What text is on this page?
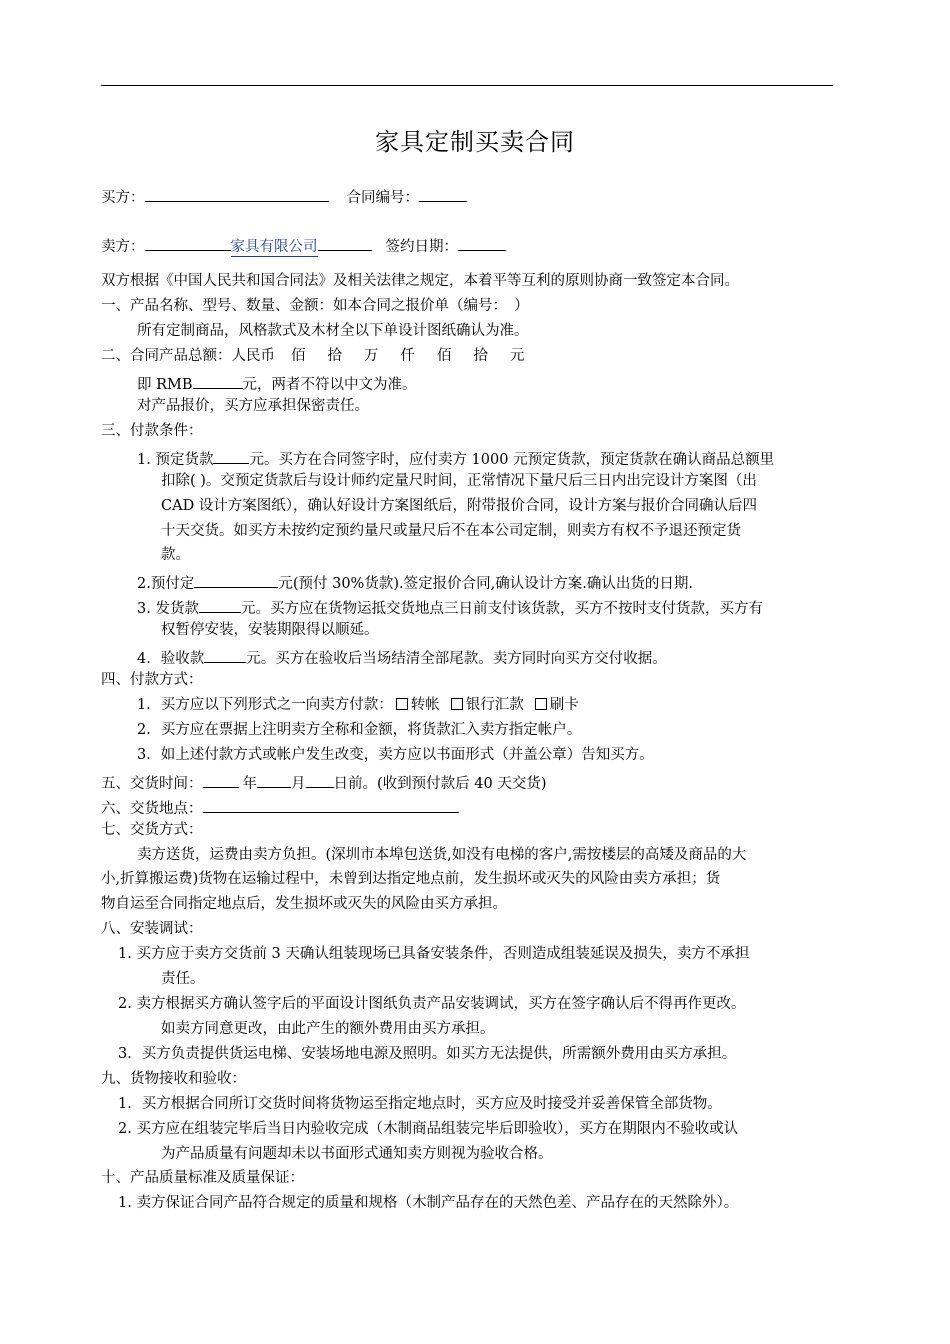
家具定制买卖合同
买方：	合同编号：
卖方：	家具有限公司	签约日期：
双方根据《中国人民共和国合同法》及相关法律之规定，本着平等互利的原则协商一致签定本合同。
一、产品名称、型号、数量、金额：如本合同之报价单（编号：　）
所有定制商品，风格款式及木材全以下单设计图纸确认为准。
二、合同产品总额：人民币 佰 拾 万 仟 佰 拾 元
即 RMB	元，两者不符以中文为准。
对产品报价，买方应承担保密责任。
三、付款条件：
1. 预定货款 元。买方在合同签字时，应付卖方 1000 元预定货款，预定货款在确认商品总额里
扣除( )。交预定货款后与设计师约定量尺时间，正常情况下量尺后三日内出完设计方案图（出
CAD 设计方案图纸），确认好设计方案图纸后，附带报价合同，设计方案与报价合同确认后四
十天交货。如买方未按约定预约量尺或量尺后不在本公司定制，则卖方有权不予退还预定货
款。
2.预付定	元(预付 30%货款).签定报价合同,确认设计方案.确认出货的日期.
3. 发货款	元。买方应在货物运抵交货地点三日前支付该货款，买方不按时支付货款，买方有
权暂停安装，安装期限得以顺延。
4．验收款	元。买方在验收后当场结清全部尾款。卖方同时向买方交付收据。
四、付款方式：
1．买方应以下列形式之一向卖方付款： 转帐 银行汇款 刷卡
2．买方应在票据上注明卖方全称和金额，将货款汇入卖方指定帐户。
3．如上述付款方式或帐户发生改变，卖方应以书面形式（并盖公章）告知买方。
五、交货时间：	年 月 日前。(收到预付款后 40 天交货)
六、交货地点：
七、交货方式：
卖方送货，运费由卖方负担。(深圳市本埠包送货,如没有电梯的客户,需按楼层的高矮及商品的大
小,折算搬运费)货物在运输过程中，未曾到达指定地点前，发生损坏或灭失的风险由卖方承担；货
物自运至合同指定地点后，发生损坏或灭失的风险由买方承担。
八、安装调试：
1. 买方应于卖方交货前 3 天确认组装现场已具备安装条件，否则造成组装延误及损失，卖方不承担
责任。
2. 卖方根据买方确认签字后的平面设计图纸负责产品安装调试，买方在签字确认后不得再作更改。
如卖方同意更改，由此产生的额外费用由买方承担。
3．买方负责提供货运电梯、安装场地电源及照明。如买方无法提供，所需额外费用由买方承担。
九、货物接收和验收：
1．买方根据合同所订交货时间将货物运至指定地点时，买方应及时接受并妥善保管全部货物。
2. 买方应在组装完毕后当日内验收完成（木制商品组装完毕后即验收），买方在期限内不验收或认
为产品质量有问题却未以书面形式通知卖方则视为验收合格。
十、产品质量标准及质量保证：
1. 卖方保证合同产品符合规定的质量和规格（木制产品存在的天然色差、产品存在的天然除外）。
